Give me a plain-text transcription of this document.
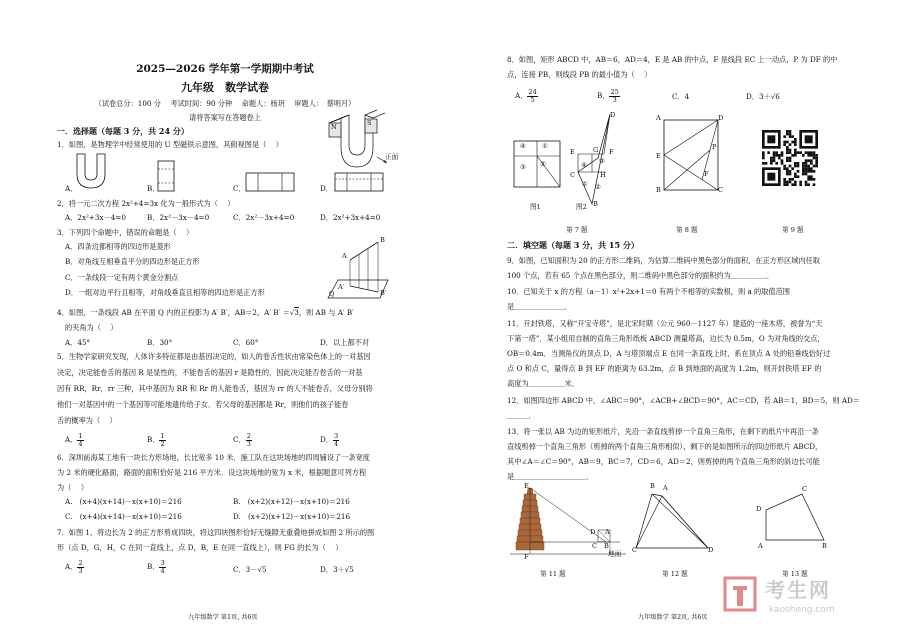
2025—2026 学年第一学期期中考试
九年级　数学试卷
（试卷总分：100 分　 考试时间：90 分钟　 命题人：杨玥　 审题人：　蔡明月）
请将答案写在答题卷上
一．选择题（每题 3 分，共 24 分）
1．如图，是物理学中经常使用的 U 型磁铁示意图，其俯视图是（　 ）
N	S
正面
A．	B．	C．	D．
2．将一元二次方程 2x²+4=3x 化为一般形式为（　 ）
A．2x²+3x－4=0	B．2x²－3x－4=0	C．2x²－3x+4=0	D．2x²+3x+4=0
3．下列四个命题中，错误的命题是（　 ）
A．四条边都相等的四边形是菱形
B．对角线互相垂直平分的四边形是正方形
C．一条线段一定有两个黄金分割点
D．一组对边平行且相等，对角线垂直且相等的四边形是正方形
B
A
A′
B′
Q
4．如图，一条线段 AB 在平面 Q 内的正投影为 A′ B′，AB＝2，A′ B′ ＝√3，则 AB 与 A′ B′
的夹角为（　 ）
A．45°	B．30°	C．60°	D．以上都不对
5．生物学家研究发现，人体许多特征都是由基因决定的，如人的卷舌性状由常染色体上的一对基因
决定，决定能卷舌的基因 R 是显性的，不能卷舌的基因 r 是隐性的，因此决定能否卷舌的一对基
因有 RR，Rr，rr 三种，其中基因为 RR 和 Rr 的人能卷舌，基因为 rr 的人不能卷舌，父母分别将
他们一对基因中的一个基因等可能地遗传给子女．若父母的基因都是 Rr，则他们的孩子能卷
舌的概率为（　 ）
A． $\frac{1}{4}$	B． $\frac{1}{2}$	C． $\frac{2}{3}$	D． $\frac{3}{4}$
6．深圳前海某工地有一块长方形场地，长比宽多 10 米．施工队在这块场地的四周铺设了一条宽度
为 2 米的硬化路面，路面的面积恰好是 216 平方米．设这块场地的宽为 x 米，根据题意可列方程
为（　 ）
A.　(x+4)(x+14)－x(x+10)＝216	B.　(x+2)(x+12)－x(x+10)＝216
C.　(x+4)(x+14)－x(x+10)＝216	D.　(x+2)(x+12)－x(x+10)＝216
7．如图 1，将边长为 2 的正方形剪成四块，将这四块图形恰好无缝隙无重叠地拼成如图 2 所示的图
形（点 D，G，H，C 在同一直线上，点 D，B，E 在同一直线上），则 FG 的长为（　 ）
A． $\frac{2}{3}$	B． $\frac{3}{4}$	C．3－√5	D．3＋√5
九年级数学 第1页, 共6页
8．如图，矩形 ABCD 中，AB＝6，AD＝4，E 是 AB 的中点，F 是线段 EC 上一动点，P 为 DF 的中
点，连接 PB，则线段 PB 的最小值为（　 ）
A． $\frac{24}{5}$	B． $\frac{25}{3}$	C．4	D．3＋√6
④ ①
③ ②
图1
D
F
E	G
C	H
B
④ ③
① ②
图2
第 7 题
A	D
E
F
P
B	C
第 8 题	第 9 题
二．填空题（每题 3 分，共 15 分）
9．如图，已知面积为 20 的正方形二维码，为估算二维码中黑色部分的面积，在正方形区域内任取
100 个点，若有 65 个点在黑色部分，则二维码中黑色部分的面积约为＿＿＿＿＿．
10．已知关于 x 的方程（a－1）x²+2x+1＝0 有两个不相等的实数根，则 a 的取值范围
是＿＿＿＿＿＿＿．
11．开封铁塔，又称“开宝寺塔”，是北宋时期（公元 960－1127 年）建造的一座木塔，被誉为“天
下第一塔”．某小组用自制的直角三角形纸板 ABCD 测量塔高，边长为 0.5m，O 为对角线的交点，
OB＝0.4m．当测角仪的顶点 D，A 与塔顶端点 E 在同一条直线上时，系在顶点 A 处的铅垂线恰好过
点 O 和点 C，量得点 B 到 EF 的距离为 63.2m，点 B 到地面的高度为 1.2m，则开封铁塔 EF 的
高度为＿＿＿＿＿米．
12．如图四边形 ABCD 中，∠ABC＝90°，∠ACB+∠BCD＝90°，AC＝CD，若 AB＝1，BD＝5，则 AD＝
＿＿＿．
13．将一张以 AB 为边的矩形纸片，先沿一条直线剪掉一个直角三角形，在剩下的纸片中再沿一条
直线剪掉一个直角三角形（剪掉的两个直角三角形相似），剩下的是如图所示的四边形纸片 ABCD，
其中∠A＝∠C＝90°，AB＝9，BC＝7，CD＝6，AD＝2，则剪掉的两个直角三角形的斜边长可能
是＿＿＿＿＿＿＿＿＿＿．
E
D A
B
C
F	地面
第 11 题
B A
D
C
第 12 题
C
D
A	B
第 13 题
考生网
kaosheng.com
九年级数学 第2页, 共6页
